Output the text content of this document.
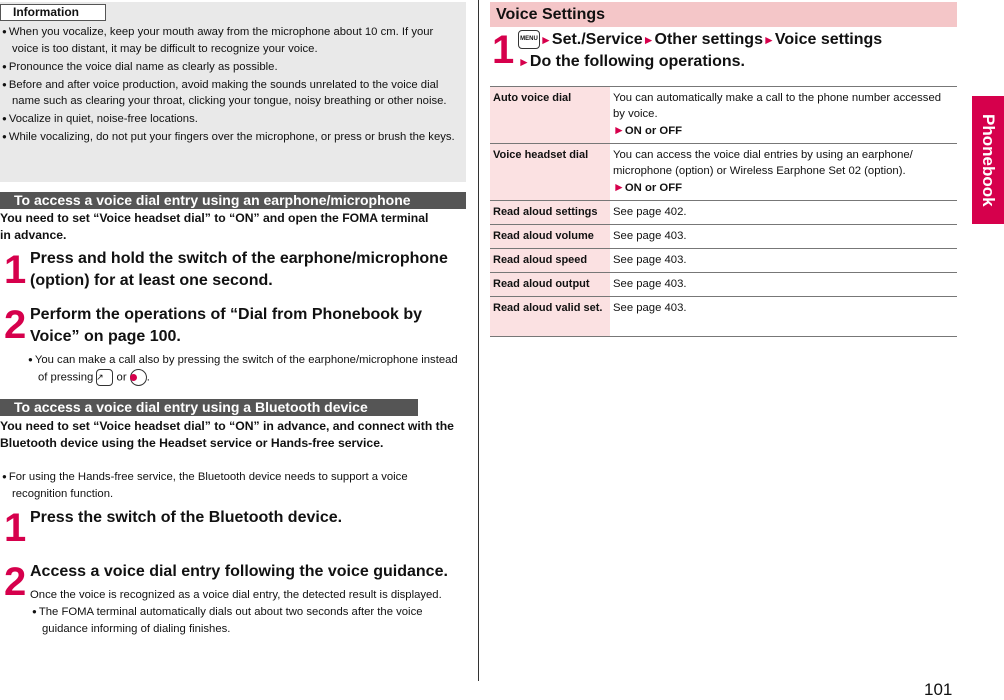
Information
● When you vocalize, keep your mouth away from the microphone about 10 cm. If your voice is too distant, it may be difficult to recognize your voice.
● Pronounce the voice dial name as clearly as possible.
● Before and after voice production, avoid making the sounds unrelated to the voice dial name such as clearing your throat, clicking your tongue, noisy breathing or other noise.
● Vocalize in quiet, noise-free locations.
● While vocalizing, do not put your fingers over the microphone, or press or brush the keys.
To access a voice dial entry using an earphone/microphone
You need to set “Voice headset dial” to “ON” and open the FOMA terminal in advance.
1 Press and hold the switch of the earphone/microphone (option) for at least one second.
2 Perform the operations of “Dial from Phonebook by Voice” on page 100.
● You can make a call also by pressing the switch of the earphone/microphone instead of pressing ↗ or .
To access a voice dial entry using a Bluetooth device
You need to set “Voice headset dial” to “ON” in advance, and connect with the Bluetooth device using the Headset service or Hands-free service.
● For using the Hands-free service, the Bluetooth device needs to support a voice recognition function.
1 Press the switch of the Bluetooth device.
2 Access a voice dial entry following the voice guidance.
Once the voice is recognized as a voice dial entry, the detected result is displayed.
● The FOMA terminal automatically dials out about two seconds after the voice guidance informing of dialing finishes.
Voice Settings
1 MENU ►Set./Service►Other settings►Voice settings
►Do the following operations.
Auto voice dial	You can automatically make a call to the phone number accessed by voice.
►ON or OFF
Voice headset dial	You can access the voice dial entries by using an earphone/ microphone (option) or Wireless Earphone Set 02 (option).
►ON or OFF
Read aloud settings	See page 402.
Read aloud volume	See page 403.
Read aloud speed	See page 403.
Read aloud output	See page 403.
Read aloud valid set.	See page 403.
Phonebook
101
